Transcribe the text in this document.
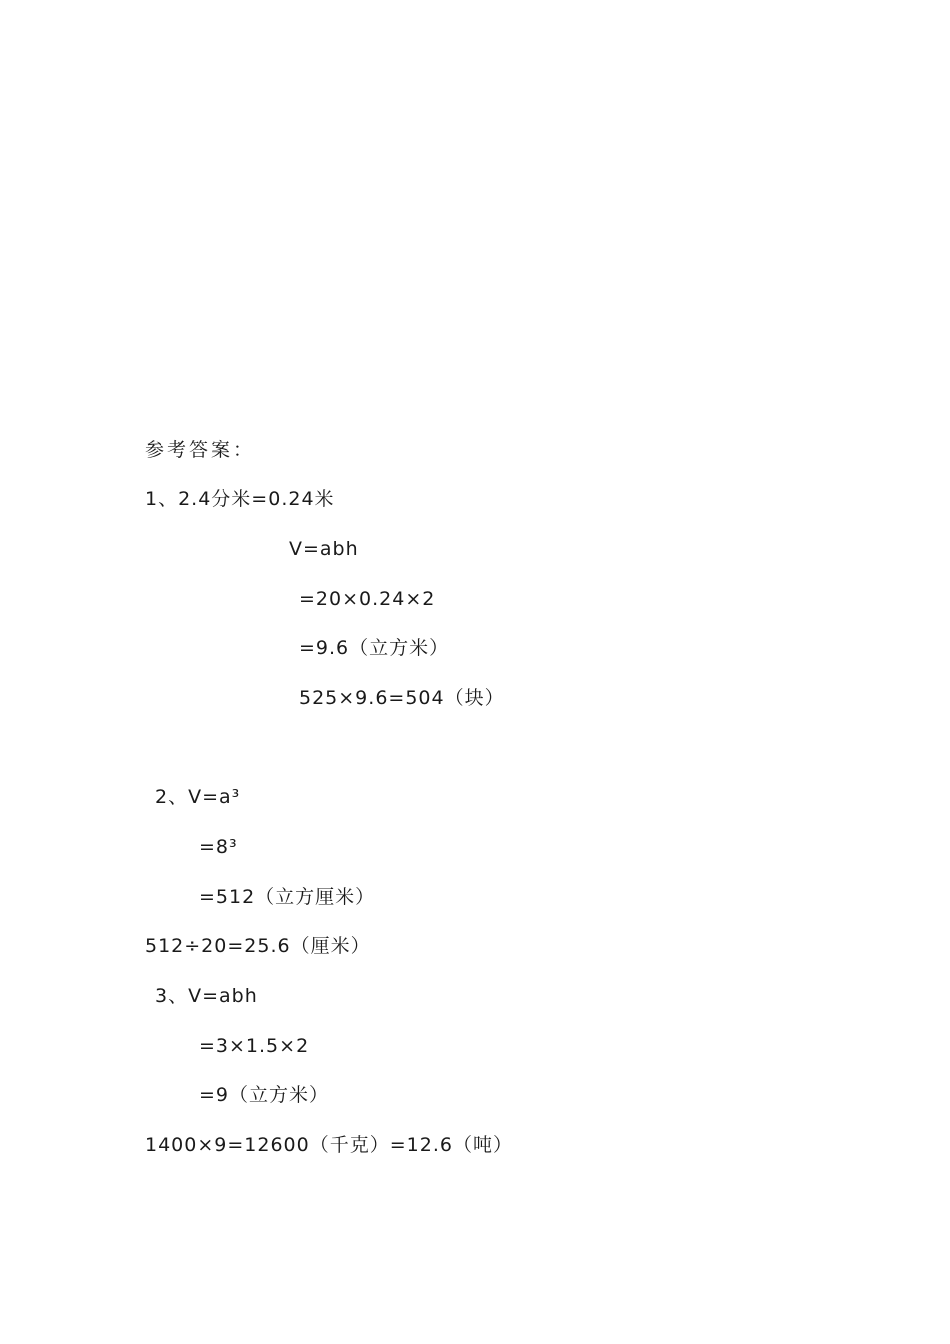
参考答案：
1、2.4分米=0.24米
V=abh
=20×0.24×2
=9.6（立方米）
525×9.6=504（块）
2、V=a³
=8³
=512（立方厘米）
512÷20=25.6（厘米）
3、V=abh
=3×1.5×2
=9（立方米）
1400×9=12600（千克）=12.6（吨）
